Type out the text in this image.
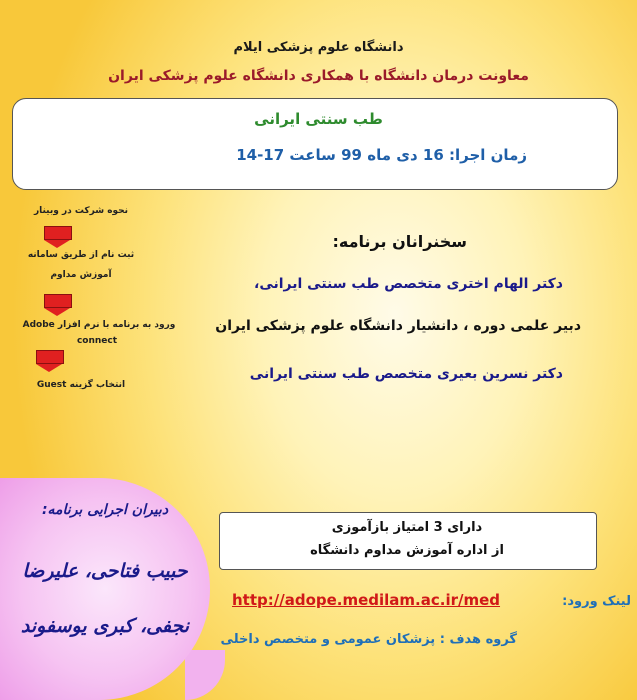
دانشگاه علوم پزشکی ایلام
معاونت درمان دانشگاه با همکاری دانشگاه علوم پزشکی ایران
طب سنتی ایرانی
زمان اجرا: 16 دی ماه 99 ساعت 17-14
نحوه شرکت در وبینار
ثبت نام از طریق سامانه
آموزش مداوم
ورود به برنامه با نرم افزار Adobe
connect
انتخاب گزینه Guest
سخنرانان برنامه:
دکتر الهام اختری متخصص طب سنتی ایرانی،
دبیر علمی دوره ، دانشیار دانشگاه علوم پزشکی ایران
دکتر نسرین بعیری متخصص طب سنتی ایرانی
دبیران اجرایی برنامه:
حبیب فتاحی، علیرضا
نجفی، کبری یوسفوند
دارای 3 امتیاز بازآموزی
از اداره آموزش مداوم دانشگاه
لینک ورود:
http://adope.medilam.ac.ir/med
گروه هدف : پزشکان عمومی و متخصص داخلی
